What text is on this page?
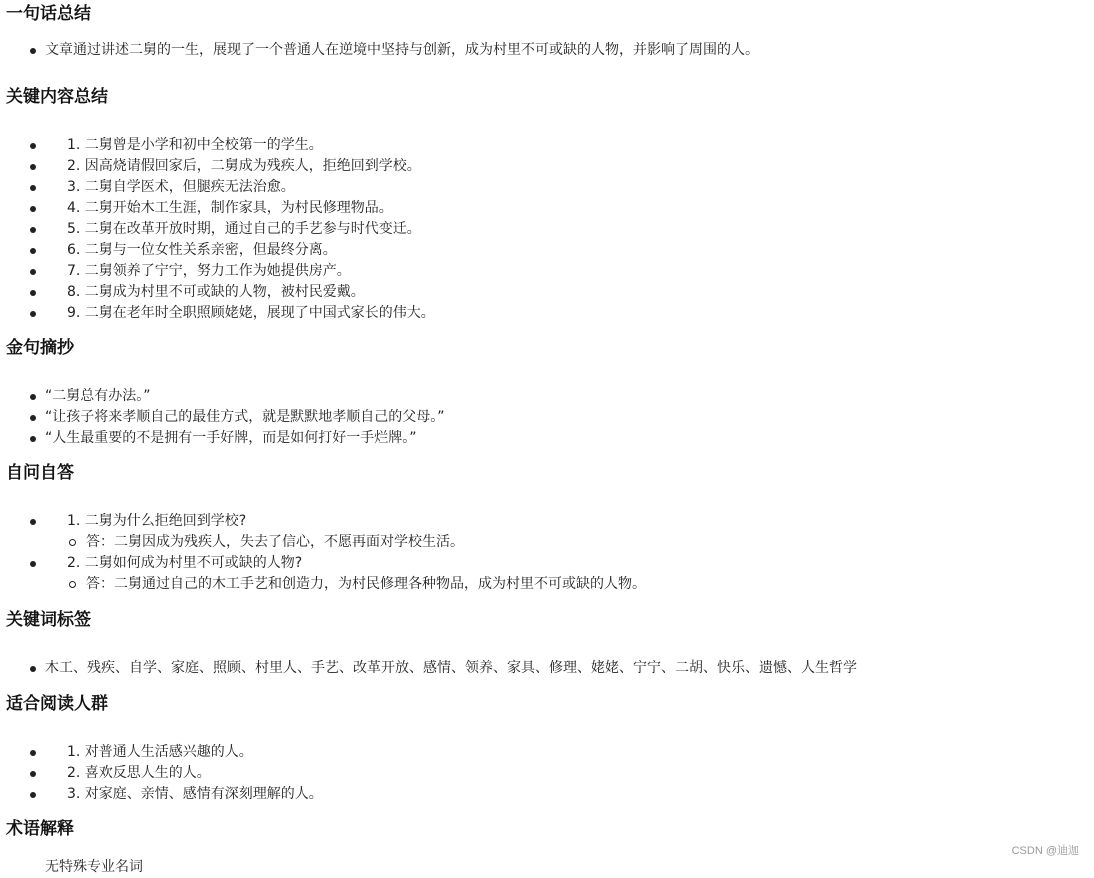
一句话总结
文章通过讲述二舅的一生，展现了一个普通人在逆境中坚持与创新，成为村里不可或缺的人物，并影响了周围的人。
关键内容总结
1. 二舅曾是小学和初中全校第一的学生。
2. 因高烧请假回家后，二舅成为残疾人，拒绝回到学校。
3. 二舅自学医术，但腿疾无法治愈。
4. 二舅开始木工生涯，制作家具，为村民修理物品。
5. 二舅在改革开放时期，通过自己的手艺参与时代变迁。
6. 二舅与一位女性关系亲密，但最终分离。
7. 二舅领养了宁宁，努力工作为她提供房产。
8. 二舅成为村里不可或缺的人物，被村民爱戴。
9. 二舅在老年时全职照顾姥姥，展现了中国式家长的伟大。
金句摘抄
“二舅总有办法。”
“让孩子将来孝顺自己的最佳方式，就是默默地孝顺自己的父母。”
“人生最重要的不是拥有一手好牌，而是如何打好一手烂牌。”
自问自答
1. 二舅为什么拒绝回到学校?
答：二舅因成为残疾人，失去了信心，不愿再面对学校生活。
2. 二舅如何成为村里不可或缺的人物?
答：二舅通过自己的木工手艺和创造力，为村民修理各种物品，成为村里不可或缺的人物。
关键词标签
木工、残疾、自学、家庭、照顾、村里人、手艺、改革开放、感情、领养、家具、修理、姥姥、宁宁、二胡、快乐、遗憾、人生哲学
适合阅读人群
1. 对普通人生活感兴趣的人。
2. 喜欢反思人生的人。
3. 对家庭、亲情、感情有深刻理解的人。
术语解释
无特殊专业名词
CSDN @迪迦
